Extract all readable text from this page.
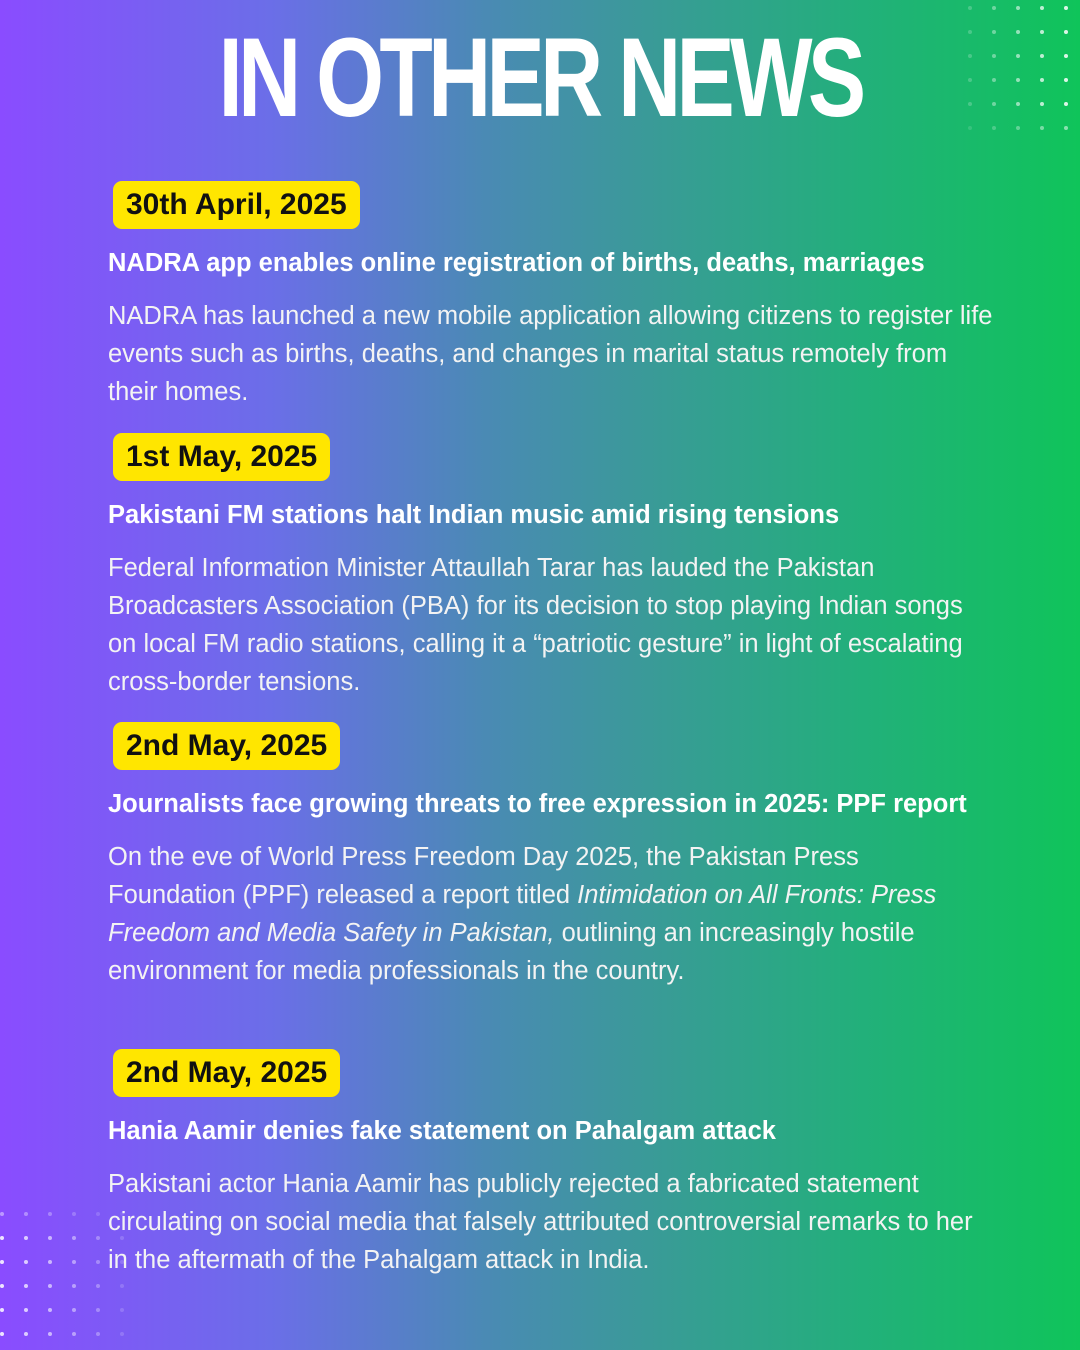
IN OTHER NEWS
30th April, 2025
NADRA app enables online registration of births, deaths, marriages
NADRA has launched a new mobile application allowing citizens to register life events such as births, deaths, and changes in marital status remotely from their homes.
1st May, 2025
Pakistani FM stations halt Indian music amid rising tensions
Federal Information Minister Attaullah Tarar has lauded the Pakistan Broadcasters Association (PBA) for its decision to stop playing Indian songs on local FM radio stations, calling it a “patriotic gesture” in light of escalating cross-border tensions.
2nd May, 2025
Journalists face growing threats to free expression in 2025: PPF report
On the eve of World Press Freedom Day 2025, the Pakistan Press Foundation (PPF) released a report titled Intimidation on All Fronts: Press Freedom and Media Safety in Pakistan, outlining an increasingly hostile environment for media professionals in the country.
2nd May, 2025
Hania Aamir denies fake statement on Pahalgam attack
Pakistani actor Hania Aamir has publicly rejected a fabricated statement circulating on social media that falsely attributed controversial remarks to her in the aftermath of the Pahalgam attack in India.
